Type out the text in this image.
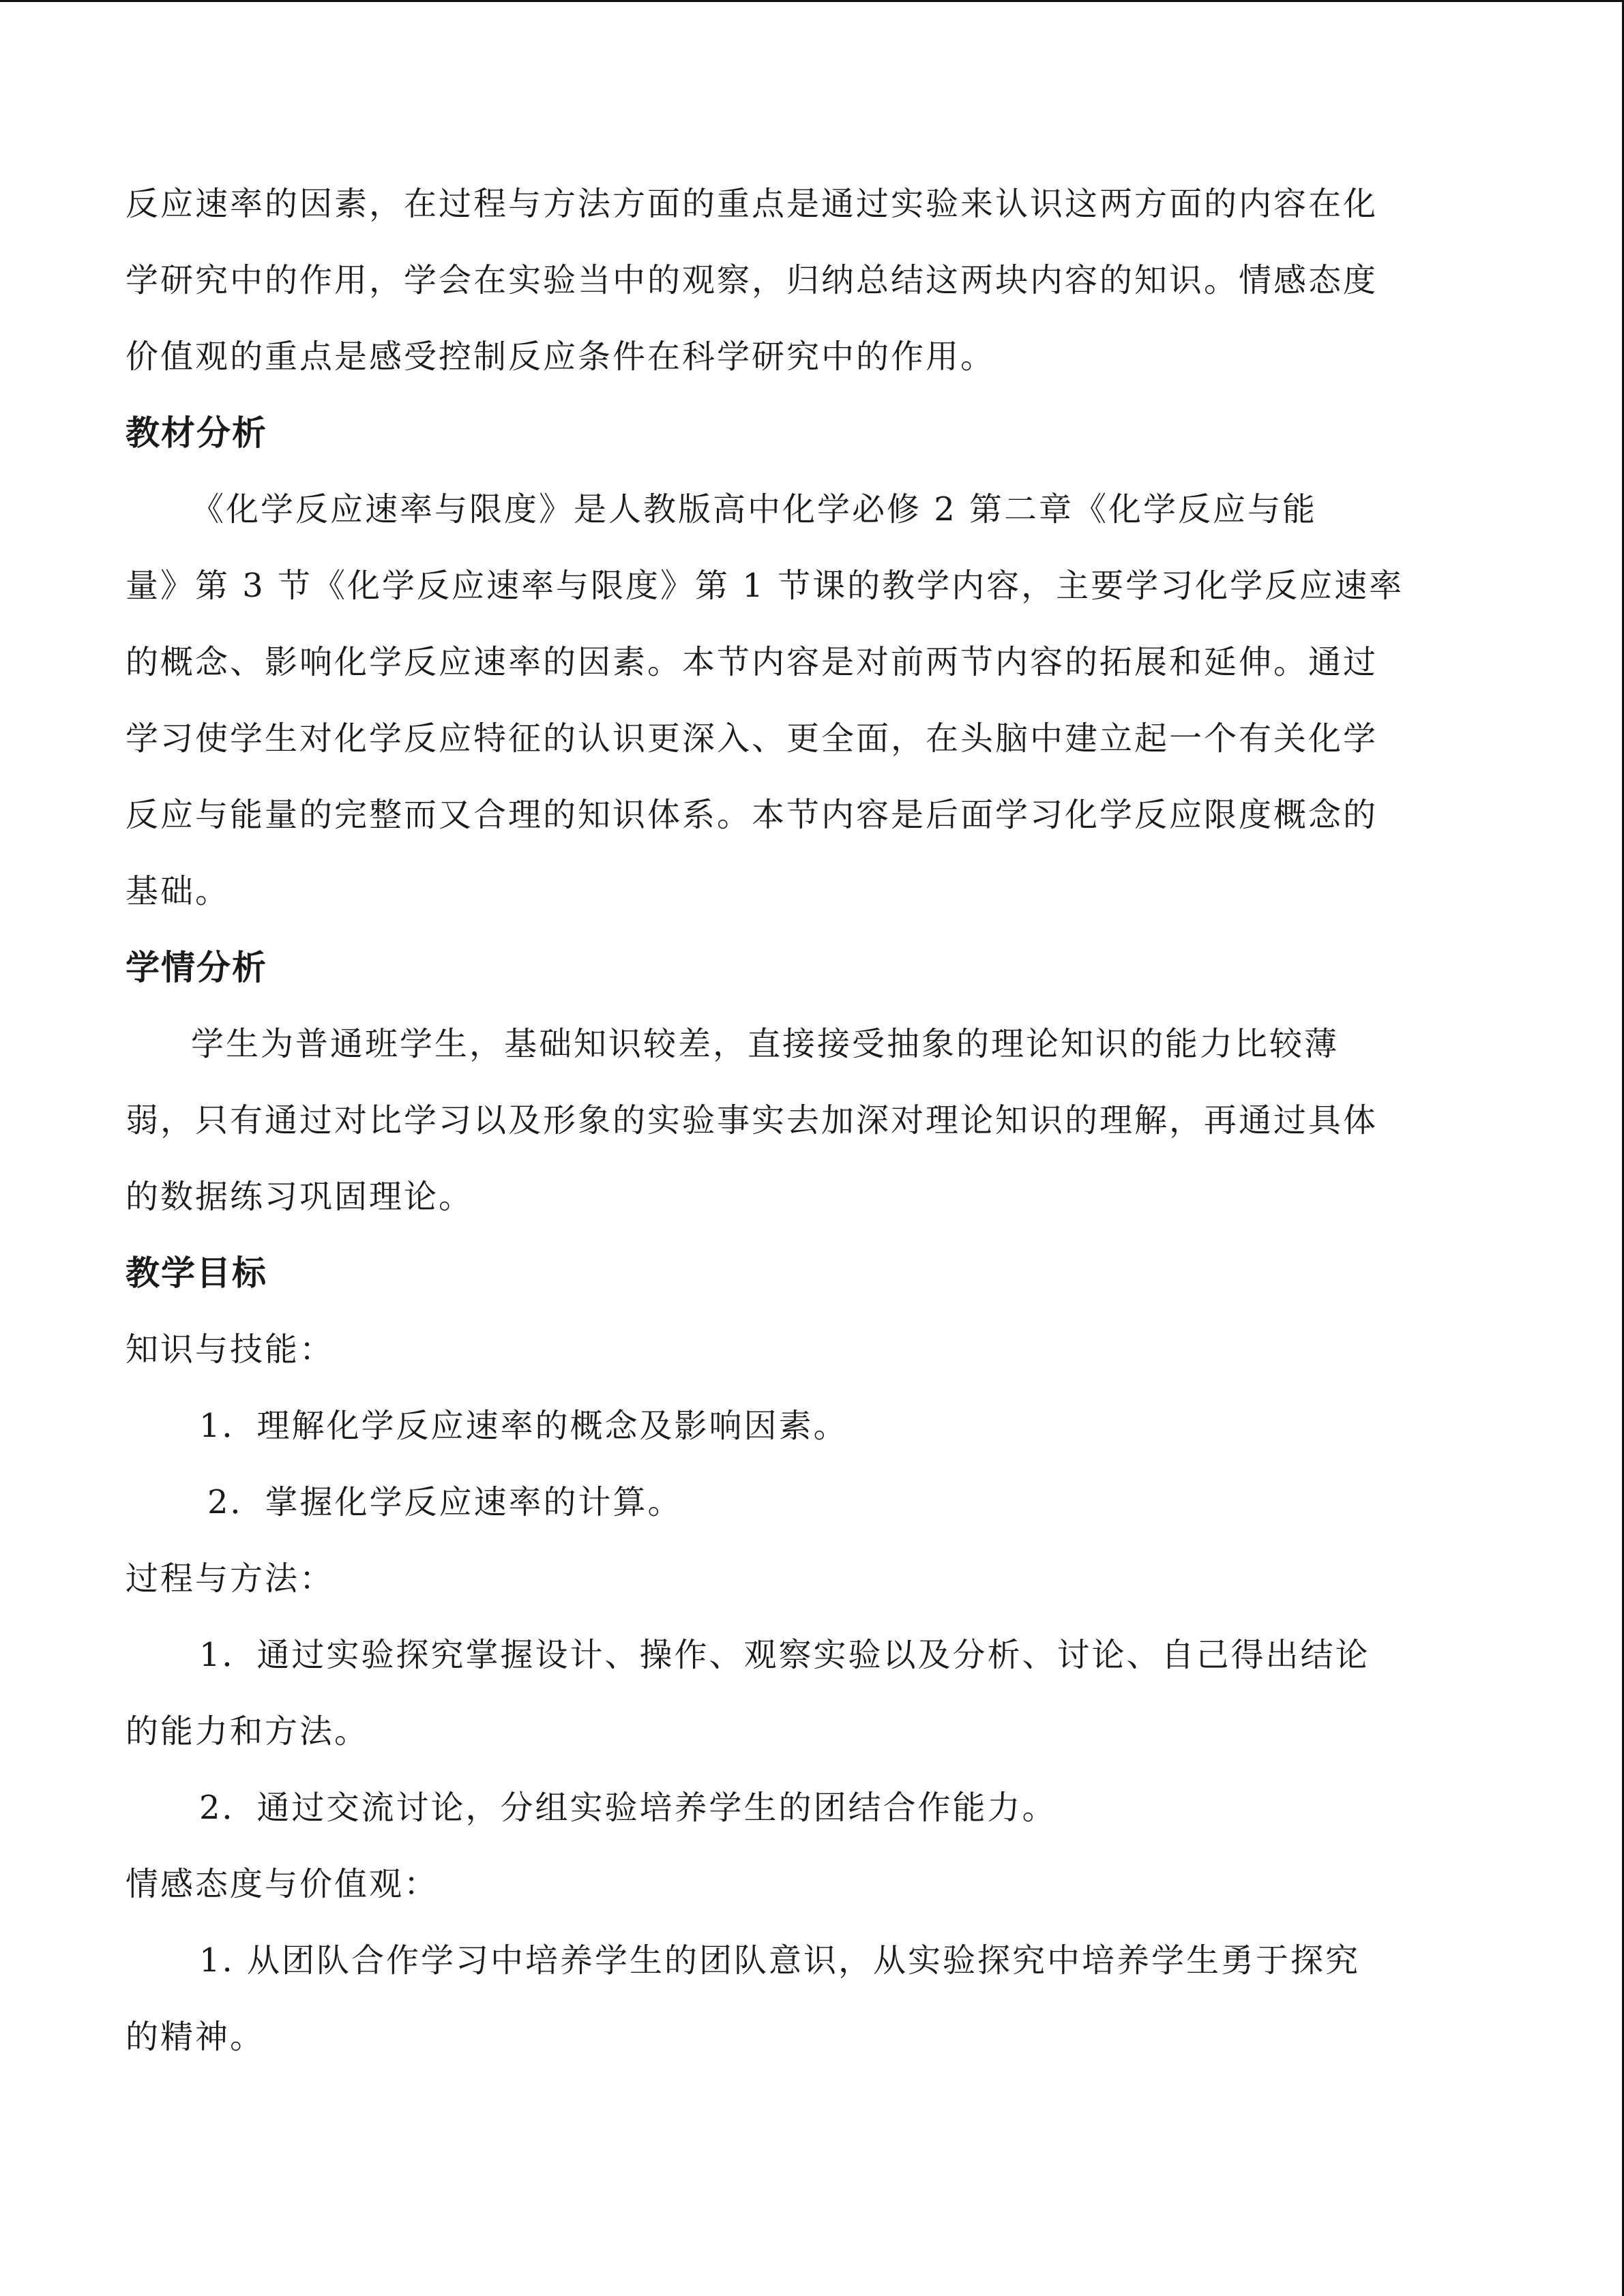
反应速率的因素，在过程与方法方面的重点是通过实验来认识这两方面的内容在化
学研究中的作用，学会在实验当中的观察，归纳总结这两块内容的知识。情感态度
价值观的重点是感受控制反应条件在科学研究中的作用。
教材分析
《化学反应速率与限度》是人教版高中化学必修 2 第二章《化学反应与能
量》第 3 节《化学反应速率与限度》第 1 节课的教学内容，主要学习化学反应速率
的概念、影响化学反应速率的因素。本节内容是对前两节内容的拓展和延伸。通过
学习使学生对化学反应特征的认识更深入、更全面，在头脑中建立起一个有关化学
反应与能量的完整而又合理的知识体系。本节内容是后面学习化学反应限度概念的
基础。
学情分析
学生为普通班学生，基础知识较差，直接接受抽象的理论知识的能力比较薄
弱，只有通过对比学习以及形象的实验事实去加深对理论知识的理解，再通过具体
的数据练习巩固理论。
教学目标
知识与技能：
1．理解化学反应速率的概念及影响因素。
2．掌握化学反应速率的计算。
过程与方法：
1．通过实验探究掌握设计、操作、观察实验以及分析、讨论、自己得出结论
的能力和方法。
2．通过交流讨论，分组实验培养学生的团结合作能力。
情感态度与价值观：
1. 从团队合作学习中培养学生的团队意识，从实验探究中培养学生勇于探究
的精神。
